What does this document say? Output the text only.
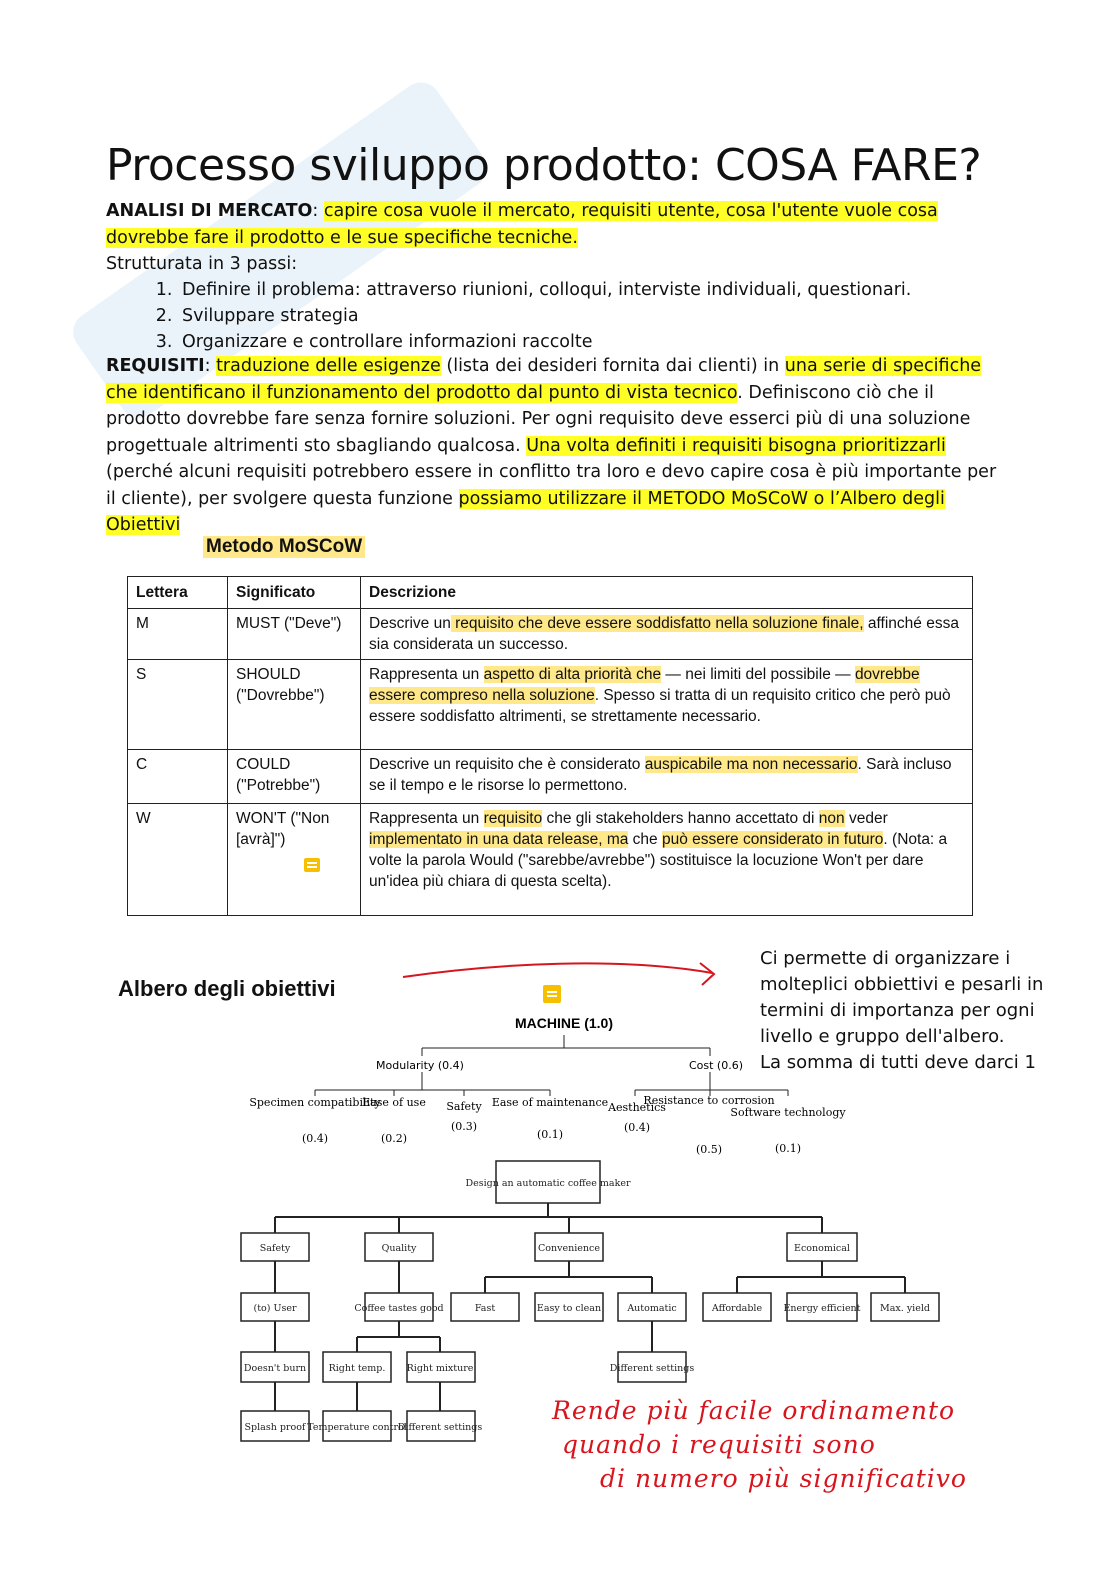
Processo sviluppo prodotto: COSA FARE?
ANALISI DI MERCATO: capire cosa vuole il mercato, requisiti utente, cosa l'utente vuole cosa dovrebbe fare il prodotto e le sue specifiche tecniche.
Strutturata in 3 passi:
1. Definire il problema: attraverso riunioni, colloqui, interviste individuali, questionari.
2. Sviluppare strategia
3. Organizzare e controllare informazioni raccolte
REQUISITI: traduzione delle esigenze (lista dei desideri fornita dai clienti) in una serie di specifiche che identificano il funzionamento del prodotto dal punto di vista tecnico. Definiscono ciò che il prodotto dovrebbe fare senza fornire soluzioni. Per ogni requisito deve esserci più di una soluzione progettuale altrimenti sto sbagliando qualcosa. Una volta definiti i requisiti bisogna prioritizzarli (perché alcuni requisiti potrebbero essere in conflitto tra loro e devo capire cosa è più importante per il cliente), per svolgere questa funzione possiamo utilizzare il METODO MoSCoW o l’Albero degli Obiettivi
Metodo MoSCoW
Lettera	Significato	Descrizione
M	MUST ("Deve")	Descrive un requisito che deve essere soddisfatto nella soluzione finale, affinché essa sia considerata un successo.
S	SHOULD ("Dovrebbe")	Rappresenta un aspetto di alta priorità che — nei limiti del possibile — dovrebbe essere compreso nella soluzione. Spesso si tratta di un requisito critico che però può essere soddisfatto altrimenti, se strettamente necessario.
C	COULD ("Potrebbe")	Descrive un requisito che è considerato auspicabile ma non necessario. Sarà incluso se il tempo e le risorse lo permettono.
W	WON'T ("Non [avrà]")	Rappresenta un requisito che gli stakeholders hanno accettato di non veder implementato in una data release, ma che può essere considerato in futuro. (Nota: a volte la parola Would ("sarebbe/avrebbe") sostituisce la locuzione Won't per dare un'idea più chiara di questa scelta).
Albero degli obiettivi
Ci permette di organizzare i molteplici obbiettivi e pesarli in termini di importanza per ogni livello e gruppo dell'albero.
La somma di tutti deve darci 1
MACHINE (1.0)
Modularity (0.4)	Cost (0.6)
Specimen compatibility
(0.4)
Ease of use
(0.2)
Safety
(0.3)
Ease of maintenance
(0.1)
Aesthetics
(0.4)
Resistance to corrosion
(0.5)
Software technology
(0.1)
Design an automatic coffee maker
Safety	Quality	Convenience	Economical
(to) User	Coffee tastes good	Fast	Easy to clean	Automatic	Affordable Energy efficient Max. yield
Doesn't burn Right temp. Right mixture	Different settings
Splash proof Temperature control
Different settings
Rende più facile ordinamento
quando i requisiti sono
di numero più significativo
